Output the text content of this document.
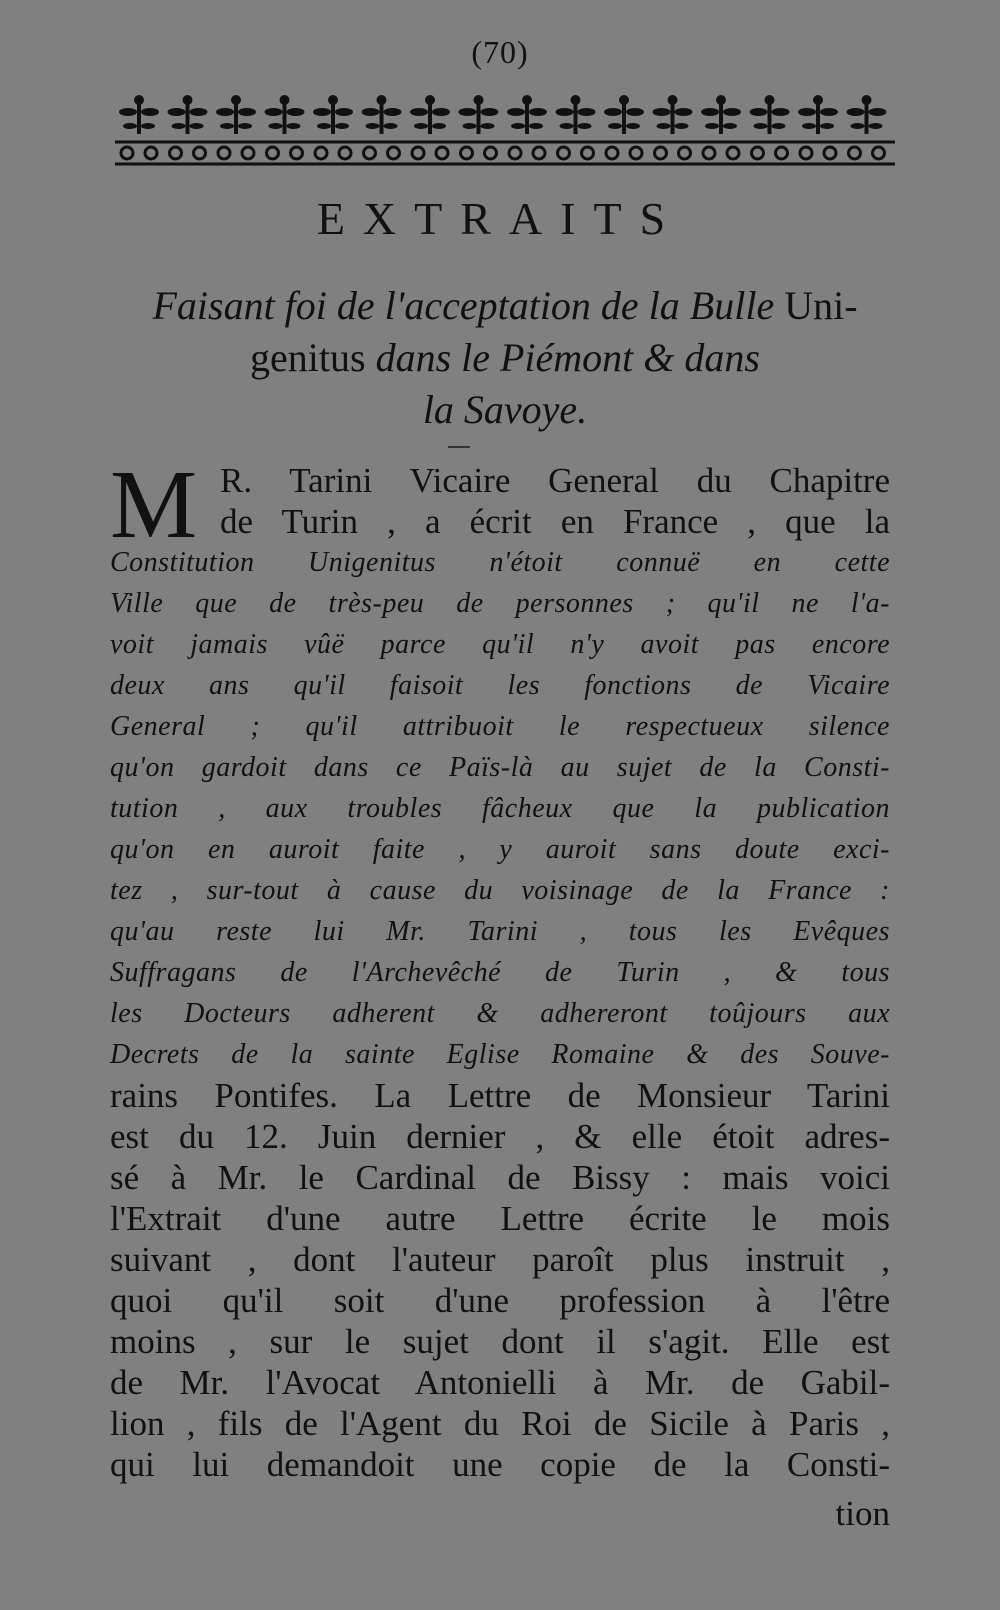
(70)
EXTRAITS
Faisant foi de l'acceptation de la Bulle Uni-
genitus dans le Piémont & dans
la Savoye.
M R. Tarini Vicaire General du Chapitre
de Turin , a écrit en France , que la
Constitution Unigenitus n'étoit connuë en cette
Ville que de très-peu de personnes ; qu'il ne l'a-
voit jamais vûë parce qu'il n'y avoit pas encore
deux ans qu'il faisoit les fonctions de Vicaire
General ; qu'il attribuoit le respectueux silence
qu'on gardoit dans ce Païs-là au sujet de la Consti-
tution , aux troubles fâcheux que la publication
qu'on en auroit faite , y auroit sans doute exci-
tez , sur-tout à cause du voisinage de la France :
qu'au reste lui Mr. Tarini , tous les Evêques
Suffragans de l'Archevêché de Turin , & tous
les Docteurs adherent & adhereront toûjours aux
Decrets de la sainte Eglise Romaine & des Souve-
rains Pontifes. La Lettre de Monsieur Tarini
est du 12. Juin dernier , & elle étoit adres-
sé à Mr. le Cardinal de Bissy : mais voici
l'Extrait d'une autre Lettre écrite le mois
suivant , dont l'auteur paroît plus instruit ,
quoi qu'il soit d'une profession à l'être
moins , sur le sujet dont il s'agit. Elle est
de Mr. l'Avocat Antonielli à Mr. de Gabil-
lion , fils de l'Agent du Roi de Sicile à Paris ,
qui lui demandoit une copie de la Consti-
tion
